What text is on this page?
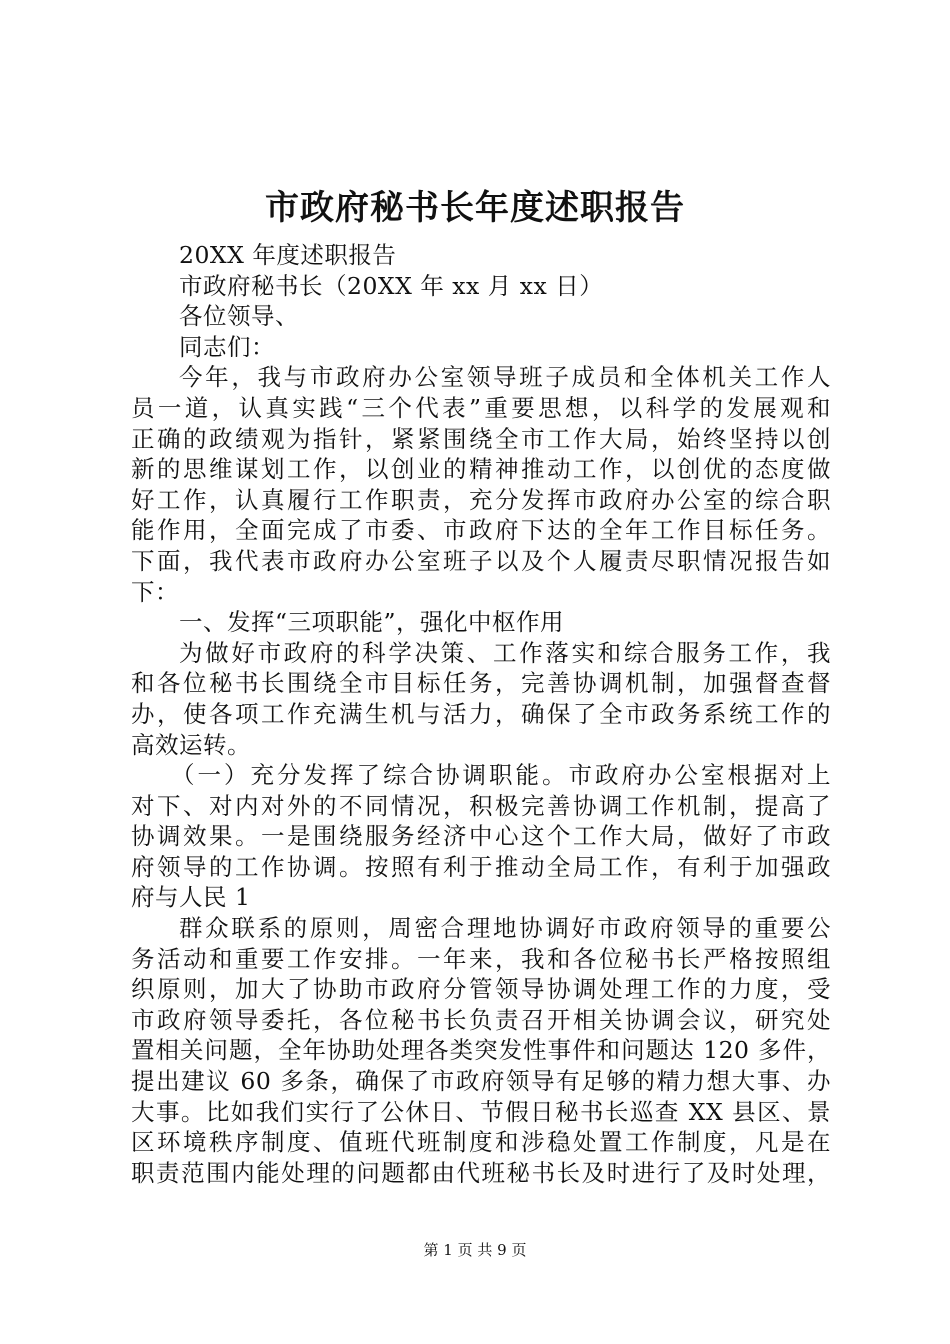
市政府秘书长年度述职报告
20XX 年度述职报告
市政府秘书长（20XX 年 xx 月 xx 日）
各位领导、
同志们：
今年，我与市政府办公室领导班子成员和全体机关工作人
员一道，认真实践“三个代表”重要思想，以科学的发展观和
正确的政绩观为指针，紧紧围绕全市工作大局，始终坚持以创
新的思维谋划工作，以创业的精神推动工作，以创优的态度做
好工作，认真履行工作职责，充分发挥市政府办公室的综合职
能作用，全面完成了市委、市政府下达的全年工作目标任务。
下面，我代表市政府办公室班子以及个人履责尽职情况报告如
下：
一、发挥“三项职能”，强化中枢作用
为做好市政府的科学决策、工作落实和综合服务工作，我
和各位秘书长围绕全市目标任务，完善协调机制，加强督查督
办，使各项工作充满生机与活力，确保了全市政务系统工作的
高效运转。
（一）充分发挥了综合协调职能。市政府办公室根据对上
对下、对内对外的不同情况，积极完善协调工作机制，提高了
协调效果。一是围绕服务经济中心这个工作大局，做好了市政
府领导的工作协调。按照有利于推动全局工作，有利于加强政
府与人民 1
群众联系的原则，周密合理地协调好市政府领导的重要公
务活动和重要工作安排。一年来，我和各位秘书长严格按照组
织原则，加大了协助市政府分管领导协调处理工作的力度，受
市政府领导委托，各位秘书长负责召开相关协调会议，研究处
置相关问题，全年协助处理各类突发性事件和问题达 120 多件，
提出建议 60 多条，确保了市政府领导有足够的精力想大事、办
大事。比如我们实行了公休日、节假日秘书长巡查 XX 县区、景
区环境秩序制度、值班代班制度和涉稳处置工作制度，凡是在
职责范围内能处理的问题都由代班秘书长及时进行了及时处理，
第 1 页 共 9 页
